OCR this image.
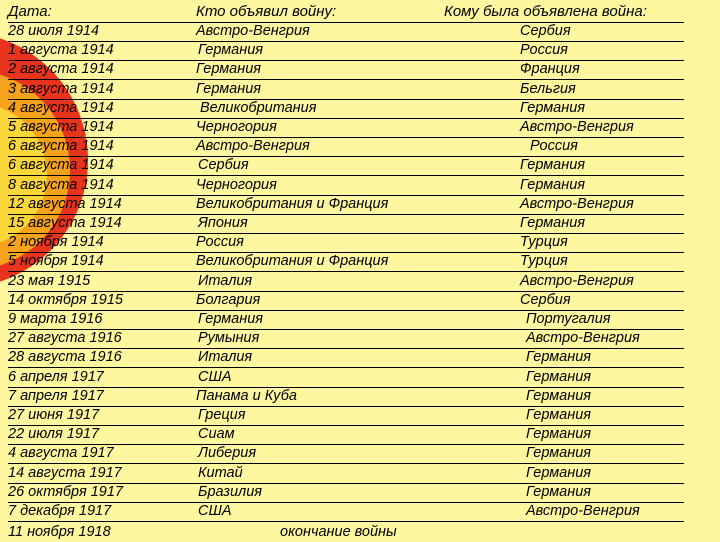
Дата:	Кто объявил войну:	Кому была объявлена война:
28 июля 1914	Австро-Венгрия	Сербия
1 августа 1914	Германия	Россия
2 августа 1914	Германия	Франция
3 августа 1914	Германия	Бельгия
4 августа 1914	Великобритания	Германия
5 августа 1914	Черногория	Австро-Венгрия
6 августа 1914	Австро-Венгрия	Россия
6 августа 1914	Сербия	Германия
8 августа 1914	Черногория	Германия
12 августа 1914	Великобритания и Франция	Австро-Венгрия
15 августа 1914	Япония	Германия
2 ноября 1914	Россия	Турция
5 ноября 1914	Великобритания и Франция	Турция
23 мая 1915	Италия	Австро-Венгрия
14 октября 1915	Болгария	Сербия
9 марта 1916	Германия	Португалия
27 августа 1916	Румыния	Австро-Венгрия
28 августа 1916	Италия	Германия
6 апреля 1917	США	Германия
7 апреля 1917	Панама и Куба	Германия
27 июня 1917	Греция	Германия
22 июля 1917	Сиам	Германия
4 августа 1917	Либерия	Германия
14 августа 1917	Китай	Германия
26 октября 1917	Бразилия	Германия
7 декабря 1917	США	Австро-Венгрия
11 ноября 1918	окончание войны
